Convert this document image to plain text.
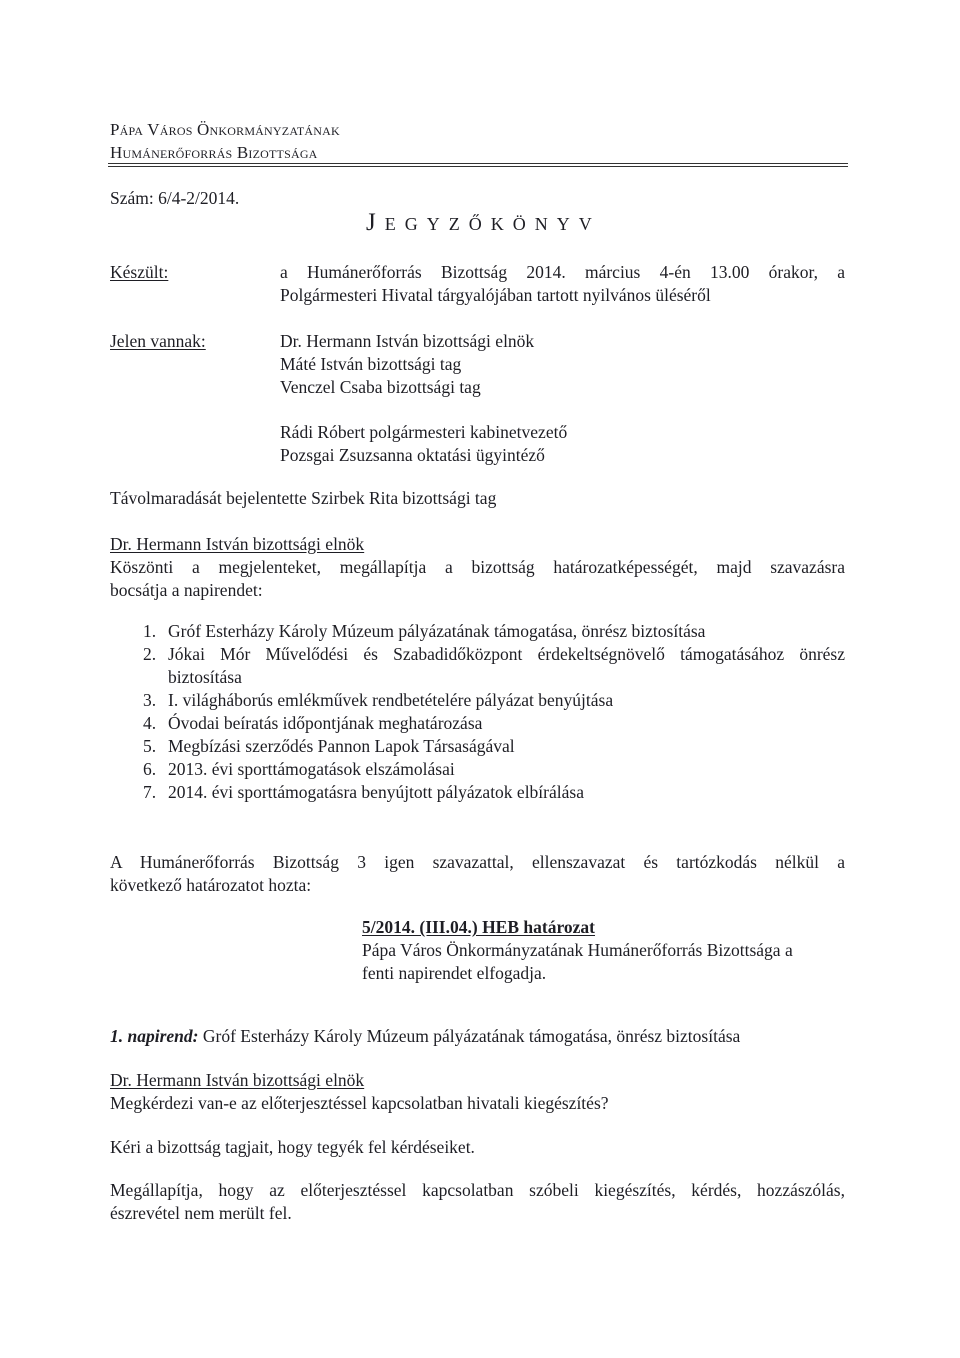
Pápa Város Önkormányzatának
Humánerőforrás Bizottsága
Szám: 6/4-2/2014.
Jegyzőkönyv
Készült:	a Humánerőforrás Bizottság 2014. március 4-én 13.00 órakor, a
Polgármesteri Hivatal tárgyalójában tartott nyilvános üléséről
Jelen vannak:	Dr. Hermann István bizottsági elnök
Máté István bizottsági tag
Venczel Csaba bizottsági tag
Rádi Róbert polgármesteri kabinetvezető
Pozsgai Zsuzsanna oktatási ügyintéző
Távolmaradását bejelentette Szirbek Rita bizottsági tag
Dr. Hermann István bizottsági elnök
Köszönti a megjelenteket, megállapítja a bizottság határozatképességét, majd szavazásra
bocsátja a napirendet:
1. Gróf Esterházy Károly Múzeum pályázatának támogatása, önrész biztosítása
2. Jókai Mór Művelődési és Szabadidőközpont érdekeltségnövelő támogatásához önrész
biztosítása
3. I. világháborús emlékművek rendbetételére pályázat benyújtása
4. Óvodai beíratás időpontjának meghatározása
5. Megbízási szerződés Pannon Lapok Társaságával
6. 2013. évi sporttámogatások elszámolásai
7. 2014. évi sporttámogatásra benyújtott pályázatok elbírálása
A Humánerőforrás Bizottság 3 igen szavazattal, ellenszavazat és tartózkodás nélkül a
következő határozatot hozta:
5/2014. (III.04.) HEB határozat
Pápa Város Önkormányzatának Humánerőforrás Bizottsága a
fenti napirendet elfogadja.
1. napirend: Gróf Esterházy Károly Múzeum pályázatának támogatása, önrész biztosítása
Dr. Hermann István bizottsági elnök
Megkérdezi van-e az előterjesztéssel kapcsolatban hivatali kiegészítés?
Kéri a bizottság tagjait, hogy tegyék fel kérdéseiket.
Megállapítja, hogy az előterjesztéssel kapcsolatban szóbeli kiegészítés, kérdés, hozzászólás,
észrevétel nem merült fel.
